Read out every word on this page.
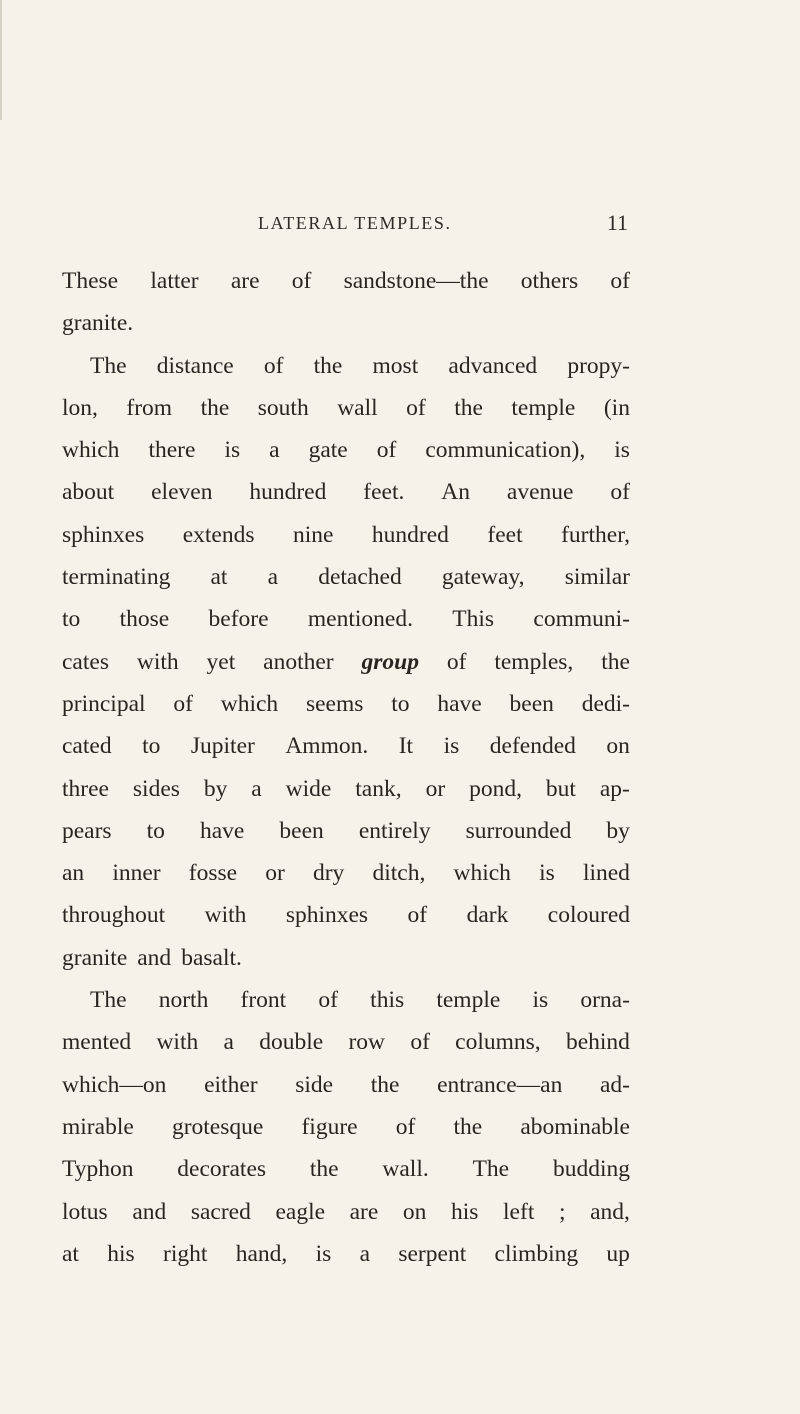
LATERAL TEMPLES.	11
These latter are of sandstone—the others of
granite.
The distance of the most advanced propy-
lon, from the south wall of the temple (in
which there is a gate of communication), is
about eleven hundred feet. An avenue of
sphinxes extends nine hundred feet further,
terminating at a detached gateway, similar
to those before mentioned. This communi-
cates with yet another group of temples, the
principal of which seems to have been dedi-
cated to Jupiter Ammon. It is defended on
three sides by a wide tank, or pond, but ap-
pears to have been entirely surrounded by
an inner fosse or dry ditch, which is lined
throughout with sphinxes of dark coloured
granite and basalt.
The north front of this temple is orna-
mented with a double row of columns, behind
which—on either side the entrance—an ad-
mirable grotesque figure of the abominable
Typhon decorates the wall. The budding
lotus and sacred eagle are on his left ; and,
at his right hand, is a serpent climbing up
